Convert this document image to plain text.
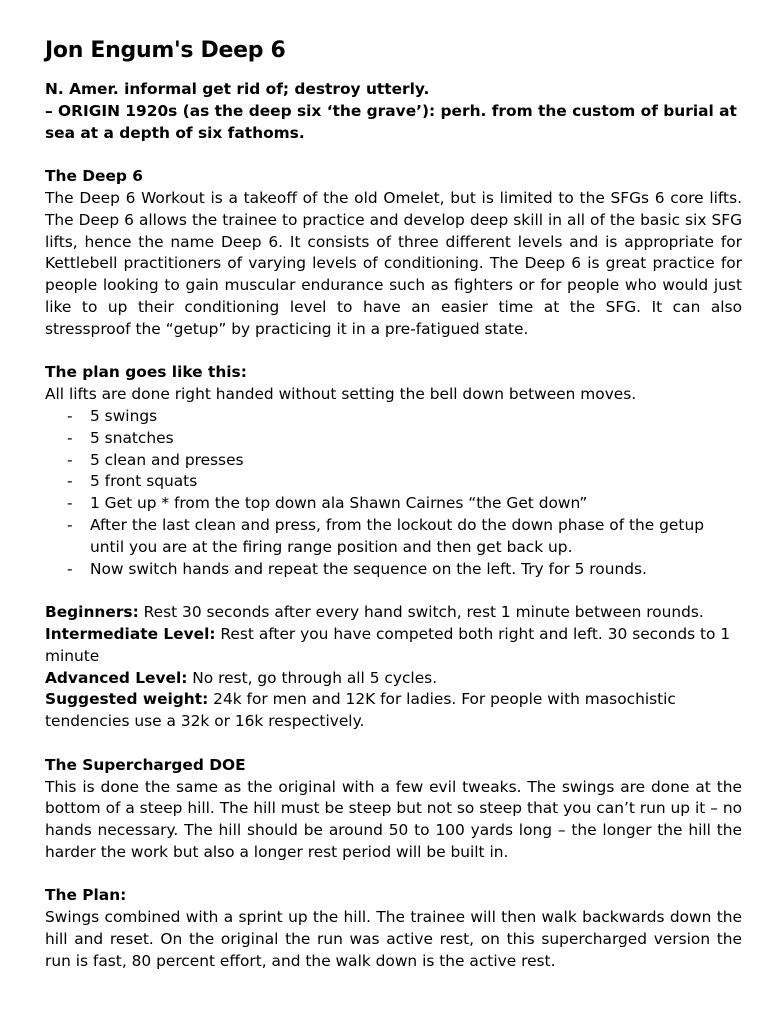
Jon Engum's Deep 6

N. Amer. informal get rid of; destroy utterly.

– ORIGIN 1920s (as the deep six ‘the grave’): perh. from the custom of burial at sea at a depth of six fathoms.

The Deep 6

The Deep 6 Workout is a takeoff of the old Omelet, but is limited to the SFGs 6 core lifts. The Deep 6 allows the trainee to practice and develop deep skill in all of the basic six SFG lifts, hence the name Deep 6. It consists of three different levels and is appropriate for Kettlebell practitioners of varying levels of conditioning. The Deep 6 is great practice for people looking to gain muscular endurance such as fighters or for people who would just like to up their conditioning level to have an easier time at the SFG. It can also stressproof the “getup” by practicing it in a pre-fatigued state.

The plan goes like this:

All lifts are done right handed without setting the bell down between moves.

- 5 swings
- 5 snatches
- 5 clean and presses
- 5 front squats
- 1 Get up * from the top down ala Shawn Cairnes “the Get down”
- After the last clean and press, from the lockout do the down phase of the getup until you are at the firing range position and then get back up.
- Now switch hands and repeat the sequence on the left. Try for 5 rounds.

Beginners: Rest 30 seconds after every hand switch, rest 1 minute between rounds.

Intermediate Level: Rest after you have competed both right and left. 30 seconds to 1 minute

Advanced Level: No rest, go through all 5 cycles.

Suggested weight: 24k for men and 12K for ladies. For people with masochistic tendencies use a 32k or 16k respectively.

The Supercharged DOE

This is done the same as the original with a few evil tweaks. The swings are done at the bottom of a steep hill. The hill must be steep but not so steep that you can’t run up it – no hands necessary. The hill should be around 50 to 100 yards long – the longer the hill the harder the work but also a longer rest period will be built in.

The Plan:

Swings combined with a sprint up the hill. The trainee will then walk backwards down the hill and reset. On the original the run was active rest, on this supercharged version the run is fast, 80 percent effort, and the walk down is the active rest.
